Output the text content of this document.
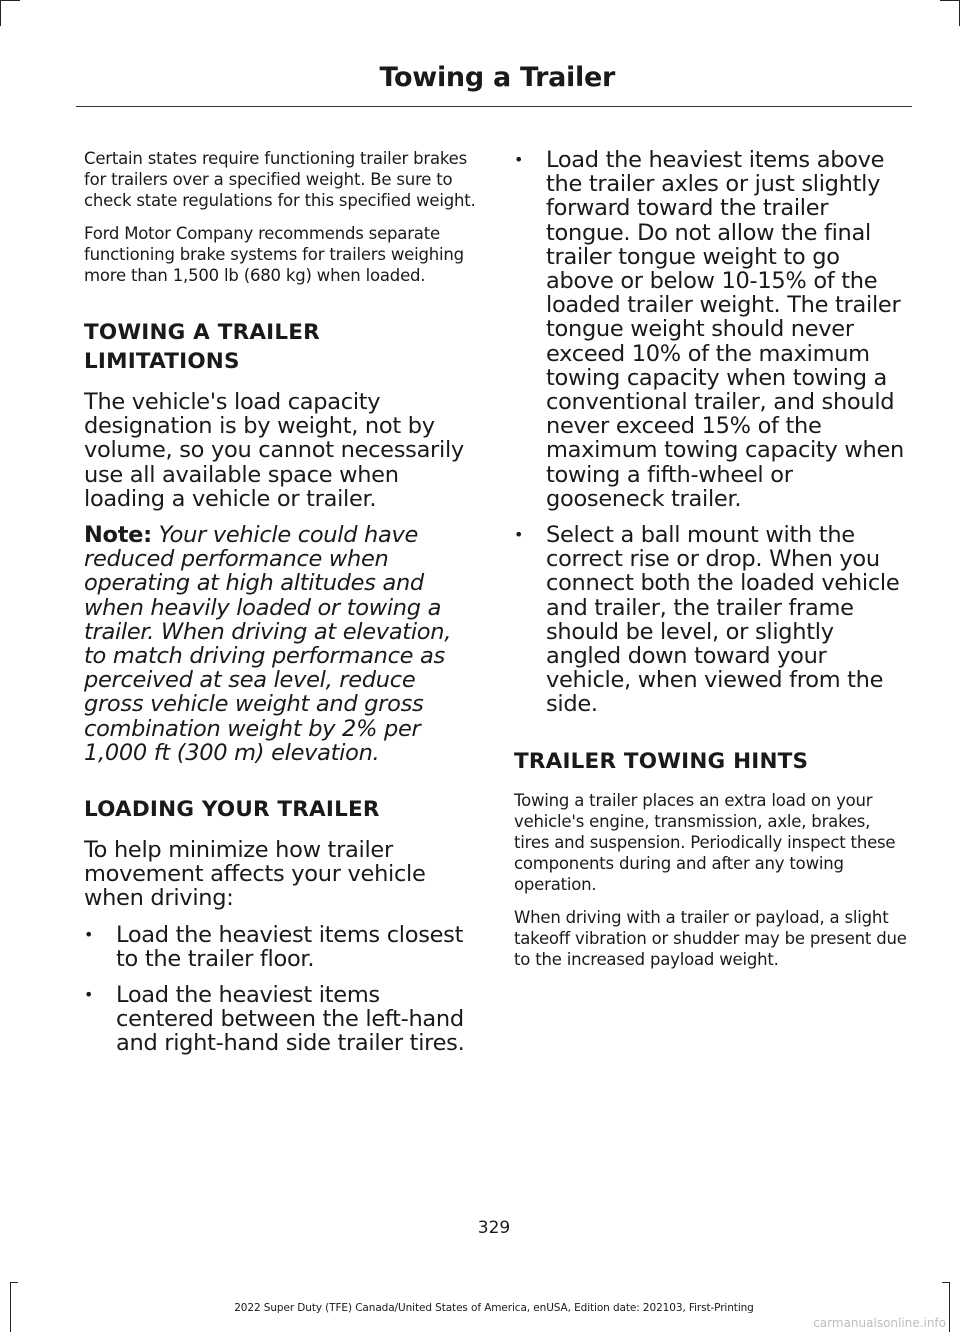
Towing a Trailer

Certain states require functioning trailer brakes for trailers over a specified weight. Be sure to check state regulations for this specified weight.

Ford Motor Company recommends separate functioning brake systems for trailers weighing more than 1,500 lb (680 kg) when loaded.

TOWING A TRAILER
LIMITATIONS

The vehicle's load capacity designation is by weight, not by volume, so you cannot necessarily use all available space when loading a vehicle or trailer.

Note: Your vehicle could have reduced performance when operating at high altitudes and when heavily loaded or towing a trailer. When driving at elevation, to match driving performance as perceived at sea level, reduce gross vehicle weight and gross combination weight by 2% per 1,000 ft (300 m) elevation.

LOADING YOUR TRAILER

To help minimize how trailer movement affects your vehicle when driving:

• Load the heaviest items closest to the trailer floor.
• Load the heaviest items centered between the left-hand and right-hand side trailer tires.
• Load the heaviest items above the trailer axles or just slightly forward toward the trailer tongue. Do not allow the final trailer tongue weight to go above or below 10-15% of the loaded trailer weight. The trailer tongue weight should never exceed 10% of the maximum towing capacity when towing a conventional trailer, and should never exceed 15% of the maximum towing capacity when towing a fifth-wheel or gooseneck trailer.
• Select a ball mount with the correct rise or drop. When you connect both the loaded vehicle and trailer, the trailer frame should be level, or slightly angled down toward your vehicle, when viewed from the side.
TRAILER TOWING HINTS

Towing a trailer places an extra load on your vehicle's engine, transmission, axle, brakes, tires and suspension. Periodically inspect these components during and after any towing operation.

When driving with a trailer or payload, a slight takeoff vibration or shudder may be present due to the increased payload weight.

329
2022 Super Duty (TFE) Canada/United States of America, enUSA, Edition date: 202103, First-Printing
carmanualsonline.info
